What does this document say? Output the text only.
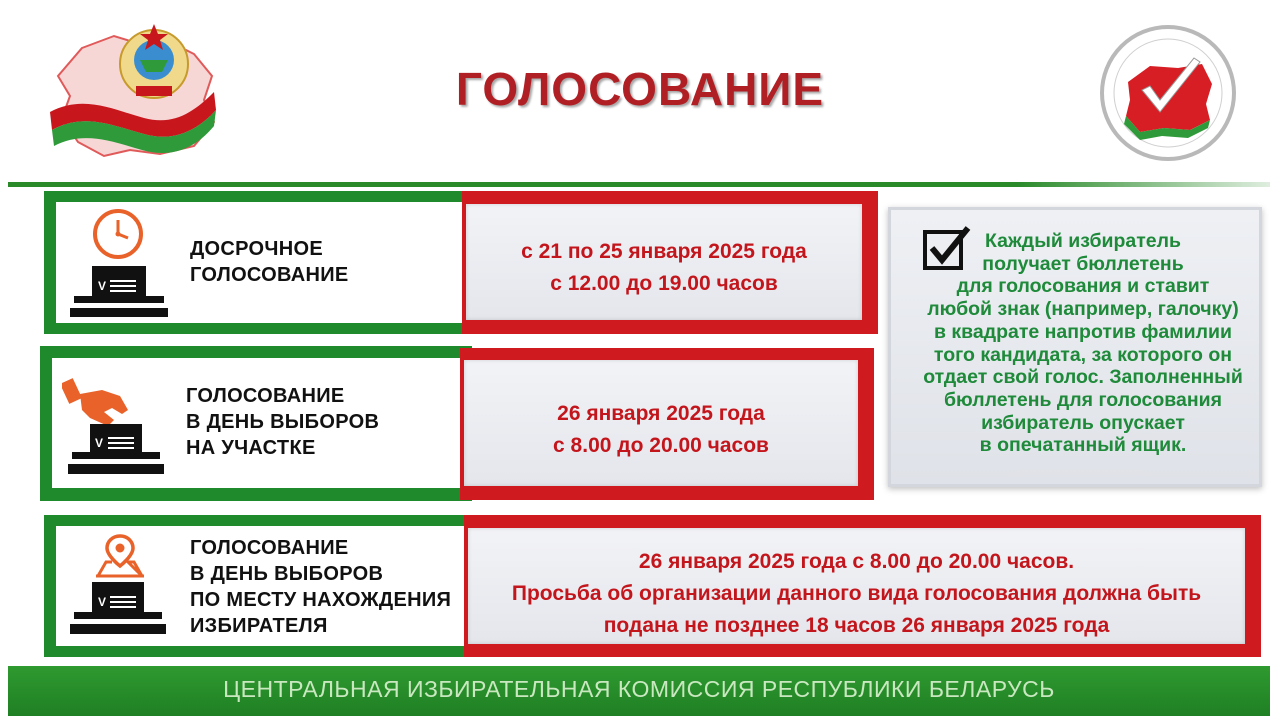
ГОЛОСОВАНИЕ
V
ДОСРОЧНОЕ
ГОЛОСОВАНИЕ
с 21 по 25 января 2025 года
с 12.00 до 19.00 часов
V
ГОЛОСОВАНИЕ
В ДЕНЬ ВЫБОРОВ
НА УЧАСТКЕ
26 января 2025 года
с 8.00 до 20.00 часов
Каждый избиратель
получает бюллетень
для голосования и ставит
любой знак (например, галочку)
в квадрате напротив фамилии
того кандидата, за которого он
отдает свой голос. Заполненный
бюллетень для голосования
избиратель опускает
в опечатанный ящик.
V
ГОЛОСОВАНИЕ
В ДЕНЬ ВЫБОРОВ
ПО МЕСТУ НАХОЖДЕНИЯ
ИЗБИРАТЕЛЯ
26 января 2025 года с 8.00 до 20.00 часов.
Просьба об организации данного вида голосования должна быть
подана не позднее 18 часов 26 января 2025 года
ЦЕНТРАЛЬНАЯ ИЗБИРАТЕЛЬНАЯ КОМИССИЯ РЕСПУБЛИКИ БЕЛАРУСЬ
